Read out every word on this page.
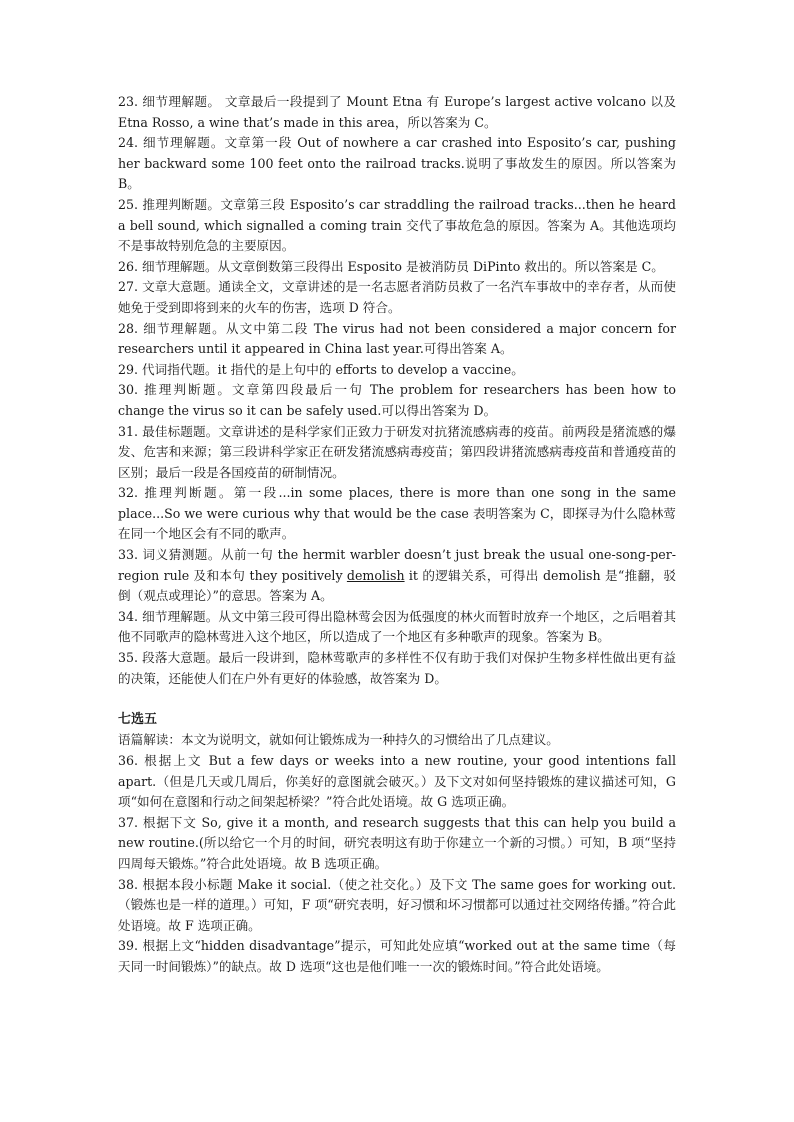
23. 细节理解题。 文章最后一段提到了 Mount Etna 有 Europe’s largest active volcano 以及 Etna Rosso, a wine that’s made in this area，所以答案为 C。

24. 细节理解题。文章第一段 Out of nowhere a car crashed into Esposito’s car, pushing her backward some 100 feet onto the railroad tracks.说明了事故发生的原因。所以答案为 B。

25. 推理判断题。文章第三段 Esposito’s car straddling the railroad tracks...then he heard a bell sound, which signalled a coming train 交代了事故危急的原因。答案为 A。其他选项均不是事故特别危急的主要原因。

26. 细节理解题。从文章倒数第三段得出 Esposito 是被消防员 DiPinto 救出的。所以答案是 C。

27. 文章大意题。通读全文，文章讲述的是一名志愿者消防员救了一名汽车事故中的幸存者，从而使她免于受到即将到来的火车的伤害，选项 D 符合。

28. 细节理解题。从文中第二段 The virus had not been considered a major concern for researchers until it appeared in China last year.可得出答案 A。

29. 代词指代题。it 指代的是上句中的 efforts to develop a vaccine。

30. 推理判断题。文章第四段最后一句 The problem for researchers has been how to change the virus so it can be safely used.可以得出答案为 D。

31. 最佳标题题。文章讲述的是科学家们正致力于研发对抗猪流感病毒的疫苗。前两段是猪流感的爆发、危害和来源；第三段讲科学家正在研发猪流感病毒疫苗；第四段讲猪流感病毒疫苗和普通疫苗的区别；最后一段是各国疫苗的研制情况。

32. 推理判断题。第一段...in some places, there is more than one song in the same place...So we were curious why that would be the case 表明答案为 C，即探寻为什么隐林莺在同一个地区会有不同的歌声。

33. 词义猜测题。从前一句 the hermit warbler doesn’t just break the usual one-song-per-region rule 及和本句 they positively demolish it 的逻辑关系，可得出 demolish 是“推翻，驳倒（观点或理论）”的意思。答案为 A。

34. 细节理解题。从文中第三段可得出隐林莺会因为低强度的林火而暂时放弃一个地区，之后唱着其他不同歌声的隐林莺进入这个地区，所以造成了一个地区有多种歌声的现象。答案为 B。

35. 段落大意题。最后一段讲到，隐林莺歌声的多样性不仅有助于我们对保护生物多样性做出更有益的决策，还能使人们在户外有更好的体验感，故答案为 D。

七选五

语篇解读：本文为说明文，就如何让锻炼成为一种持久的习惯给出了几点建议。

36. 根据上文 But a few days or weeks into a new routine, your good intentions fall apart.（但是几天或几周后，你美好的意图就会破灭。）及下文对如何坚持锻炼的建议描述可知，G 项“如何在意图和行动之间架起桥梁？”符合此处语境。故 G 选项正确。

37. 根据下文 So, give it a month, and research suggests that this can help you build a new routine.(所以给它一个月的时间，研究表明这有助于你建立一个新的习惯。）可知，B 项“坚持四周每天锻炼。”符合此处语境。故 B 选项正确。

38. 根据本段小标题 Make it social.（使之社交化。）及下文 The same goes for working out.（锻炼也是一样的道理。）可知，F 项“研究表明，好习惯和坏习惯都可以通过社交网络传播。”符合此处语境。故 F 选项正确。

39. 根据上文“hidden disadvantage”提示，可知此处应填“worked out at the same time（每天同一时间锻炼）”的缺点。故 D 选项“这也是他们唯一一次的锻炼时间。”符合此处语境。
